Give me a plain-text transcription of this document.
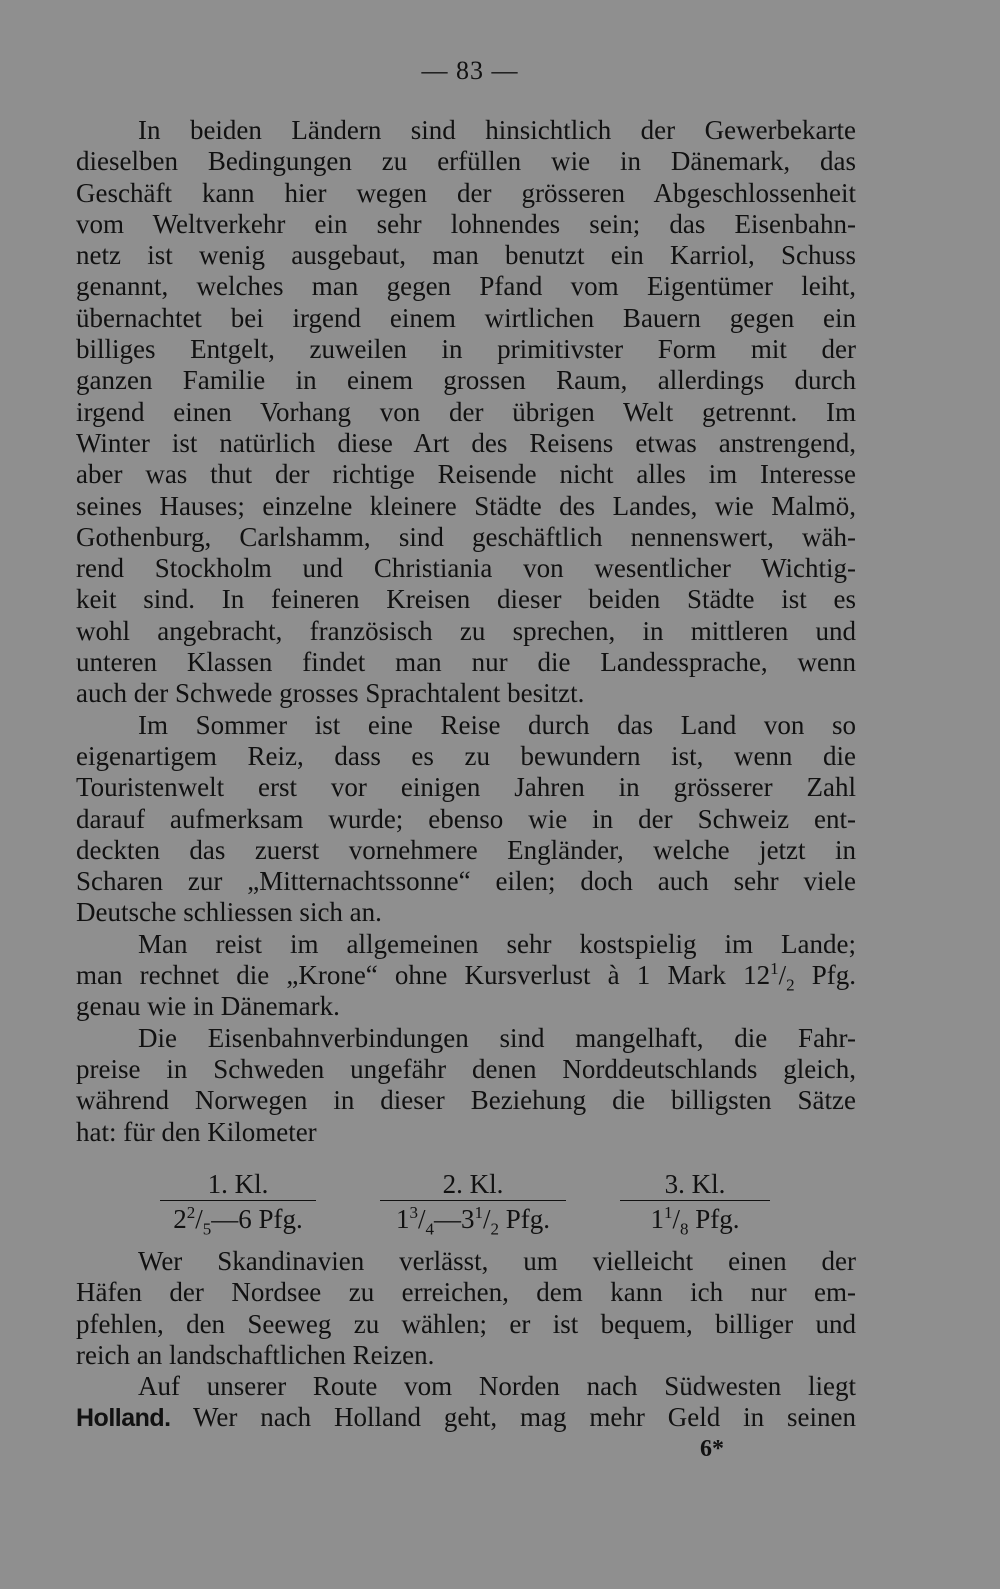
— 83 —
In beiden Ländern sind hinsichtlich der Gewerbekarte
dieselben Bedingungen zu erfüllen wie in Dänemark, das
Geschäft kann hier wegen der grösseren Abgeschlossenheit
vom Weltverkehr ein sehr lohnendes sein; das Eisenbahn-
netz ist wenig ausgebaut, man benutzt ein Karriol, Schuss
genannt, welches man gegen Pfand vom Eigentümer leiht,
übernachtet bei irgend einem wirtlichen Bauern gegen ein
billiges Entgelt, zuweilen in primitivster Form mit der
ganzen Familie in einem grossen Raum, allerdings durch
irgend einen Vorhang von der übrigen Welt getrennt. Im
Winter ist natürlich diese Art des Reisens etwas anstrengend,
aber was thut der richtige Reisende nicht alles im Interesse
seines Hauses; einzelne kleinere Städte des Landes, wie Malmö,
Gothenburg, Carlshamm, sind geschäftlich nennenswert, wäh-
rend Stockholm und Christiania von wesentlicher Wichtig-
keit sind. In feineren Kreisen dieser beiden Städte ist es
wohl angebracht, französisch zu sprechen, in mittleren und
unteren Klassen findet man nur die Landessprache, wenn
auch der Schwede grosses Sprachtalent besitzt.
Im Sommer ist eine Reise durch das Land von so
eigenartigem Reiz, dass es zu bewundern ist, wenn die
Touristenwelt erst vor einigen Jahren in grösserer Zahl
darauf aufmerksam wurde; ebenso wie in der Schweiz ent-
deckten das zuerst vornehmere Engländer, welche jetzt in
Scharen zur „Mitternachtssonne“ eilen; doch auch sehr viele
Deutsche schliessen sich an.
Man reist im allgemeinen sehr kostspielig im Lande;
man rechnet die „Krone“ ohne Kursverlust à 1 Mark $12^1/_2$ Pfg.
genau wie in Dänemark.
Die Eisenbahnverbindungen sind mangelhaft, die Fahr-
preise in Schweden ungefähr denen Norddeutschlands gleich,
während Norwegen in dieser Beziehung die billigsten Sätze
hat: für den Kilometer
1. Kl.
$2^2/_5—6$ Pfg.
2. Kl.
$1^3/_4—3^1/_2$ Pfg.
3. Kl.
$1^1/_8$ Pfg.
Wer Skandinavien verlässt, um vielleicht einen der
Häfen der Nordsee zu erreichen, dem kann ich nur em-
pfehlen, den Seeweg zu wählen; er ist bequem, billiger und
reich an landschaftlichen Reizen.
Auf unserer Route vom Norden nach Südwesten liegt
Holland. Wer nach Holland geht, mag mehr Geld in seinen
6*
